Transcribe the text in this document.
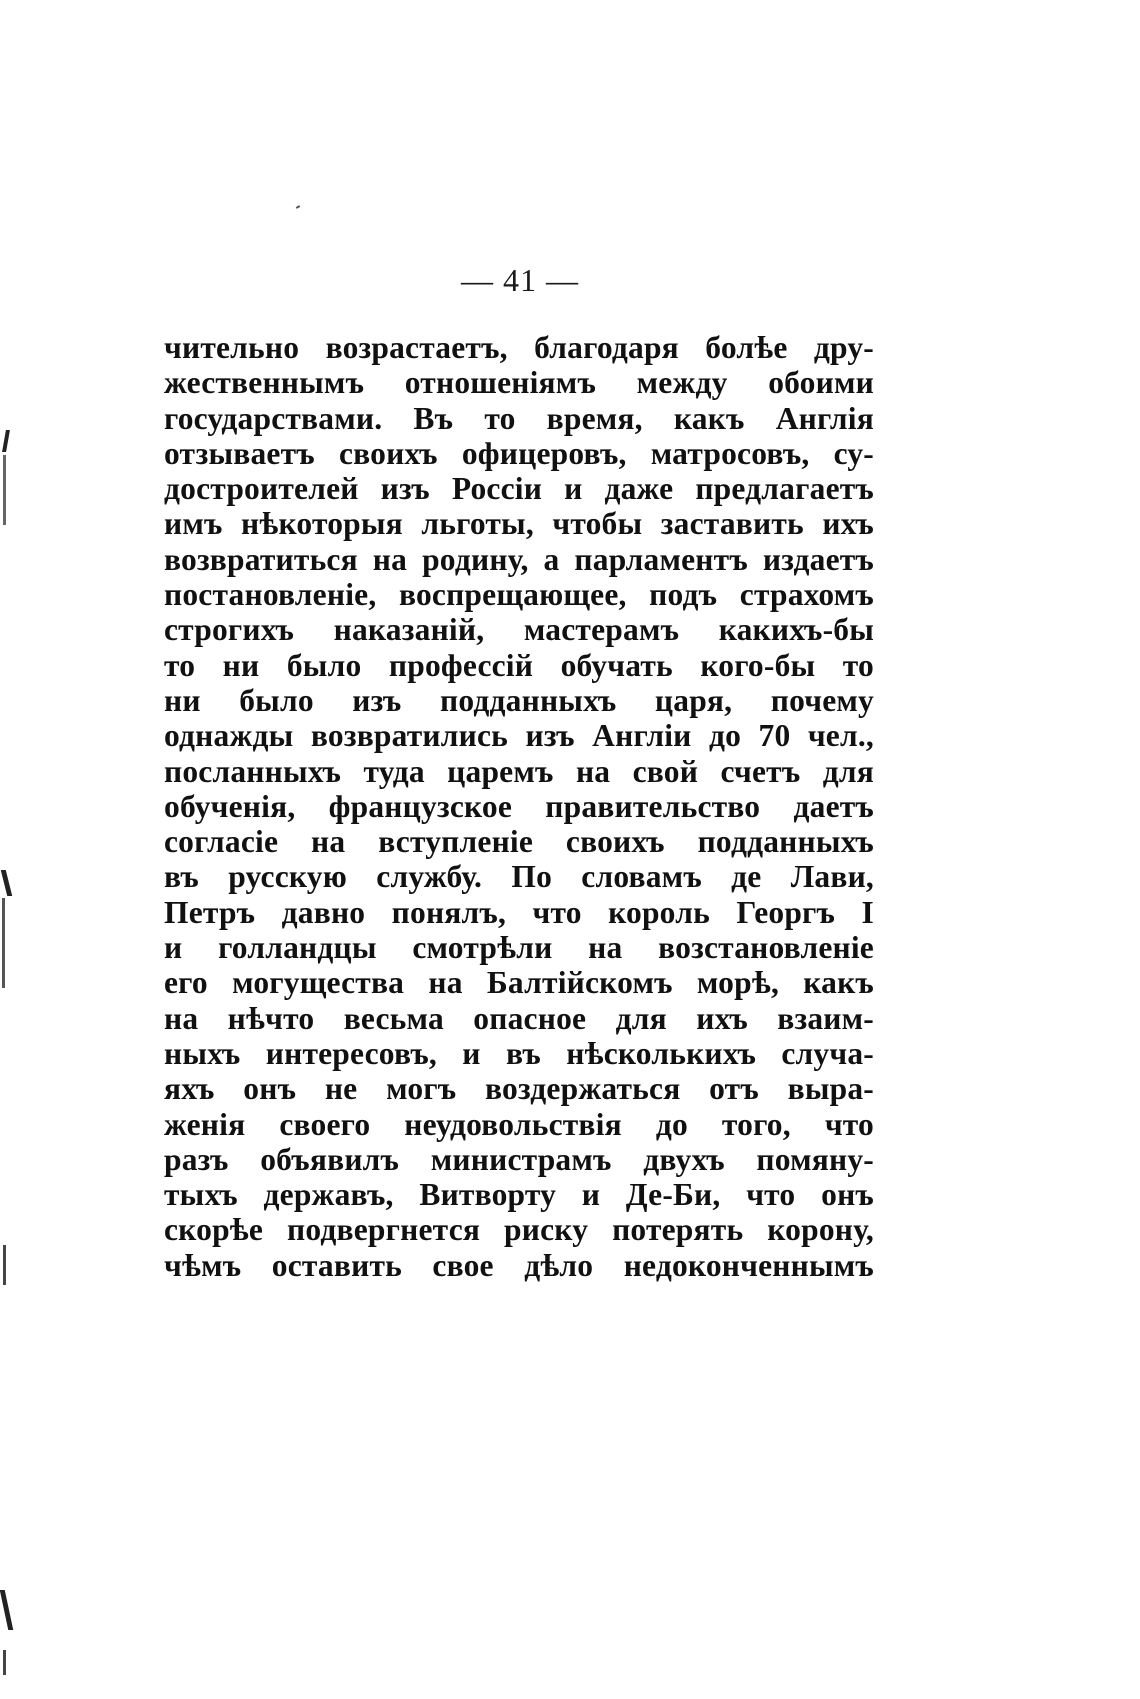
— 41 —
чительно возрастаетъ, благодаря болѣе дру-
жественнымъ отношеніямъ между обоими
государствами. Въ то время, какъ Англія
отзываетъ своихъ офицеровъ, матросовъ, су-
достроителей изъ Россіи и даже предлагаетъ
имъ нѣкоторыя льготы, чтобы заставить ихъ
возвратиться на родину, а парламентъ издаетъ
постановленіе, воспрещающее, подъ страхомъ
строгихъ наказаній, мастерамъ какихъ-бы
то ни было профессій обучать кого-бы то
ни было изъ подданныхъ царя, почему
однажды возвратились изъ Англіи до 70 чел.,
посланныхъ туда царемъ на свой счетъ для
обученія, французское правительство даетъ
согласіе на вступленіе своихъ подданныхъ
въ русскую службу. По словамъ де Лави,
Петръ давно понялъ, что король Георгъ I
и голландцы смотрѣли на возстановленіе
его могущества на Балтійскомъ морѣ, какъ
на нѣчто весьма опасное для ихъ взаим-
ныхъ интересовъ, и въ нѣсколькихъ случа-
яхъ онъ не могъ воздержаться отъ выра-
женія своего неудовольствія до того, что
разъ объявилъ министрамъ двухъ помяну-
тыхъ державъ, Витворту и Де-Би, что онъ
скорѣе подвергнется риску потерять корону,
чѣмъ оставить свое дѣло недоконченнымъ
